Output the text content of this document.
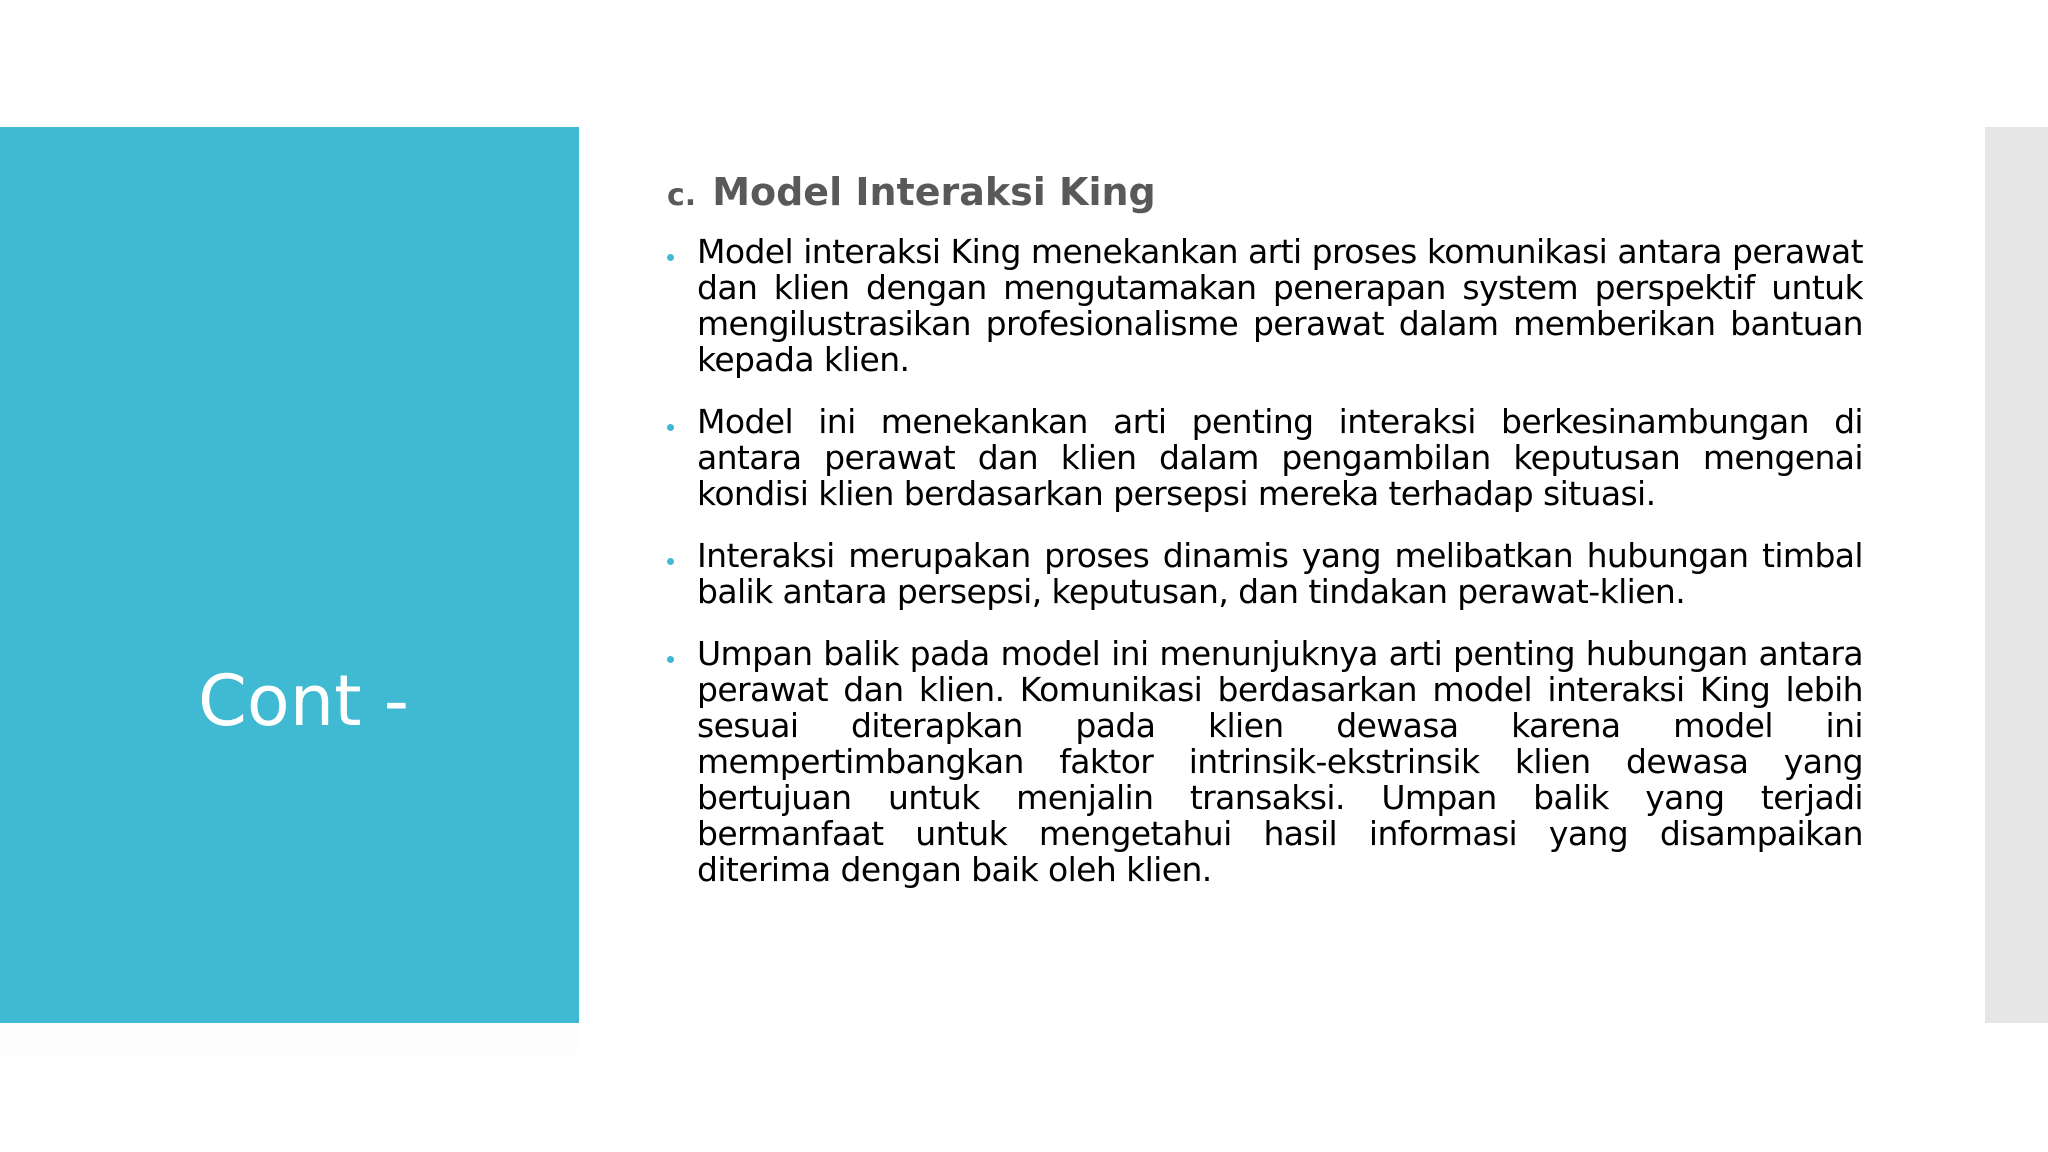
Cont -
c. Model Interaksi King
Model interaksi King menekankan arti proses komunikasi antara perawat dan klien dengan mengutamakan penerapan system perspektif untuk mengilustrasikan profesionalisme perawat dalam memberikan bantuan kepada klien.
Model ini menekankan arti penting interaksi berkesinambungan di antara perawat dan klien dalam pengambilan keputusan mengenai kondisi klien berdasarkan persepsi mereka terhadap situasi.
Interaksi merupakan proses dinamis yang melibatkan hubungan timbal balik antara persepsi, keputusan, dan tindakan perawat-klien.
Umpan balik pada model ini menunjuknya arti penting hubungan antara perawat dan klien. Komunikasi berdasarkan model interaksi King lebih sesuai diterapkan pada klien dewasa karena model ini mempertimbangkan faktor intrinsik-ekstrinsik klien dewasa yang bertujuan untuk menjalin transaksi. Umpan balik yang terjadi bermanfaat untuk mengetahui hasil informasi yang disampaikan diterima dengan baik oleh klien.
